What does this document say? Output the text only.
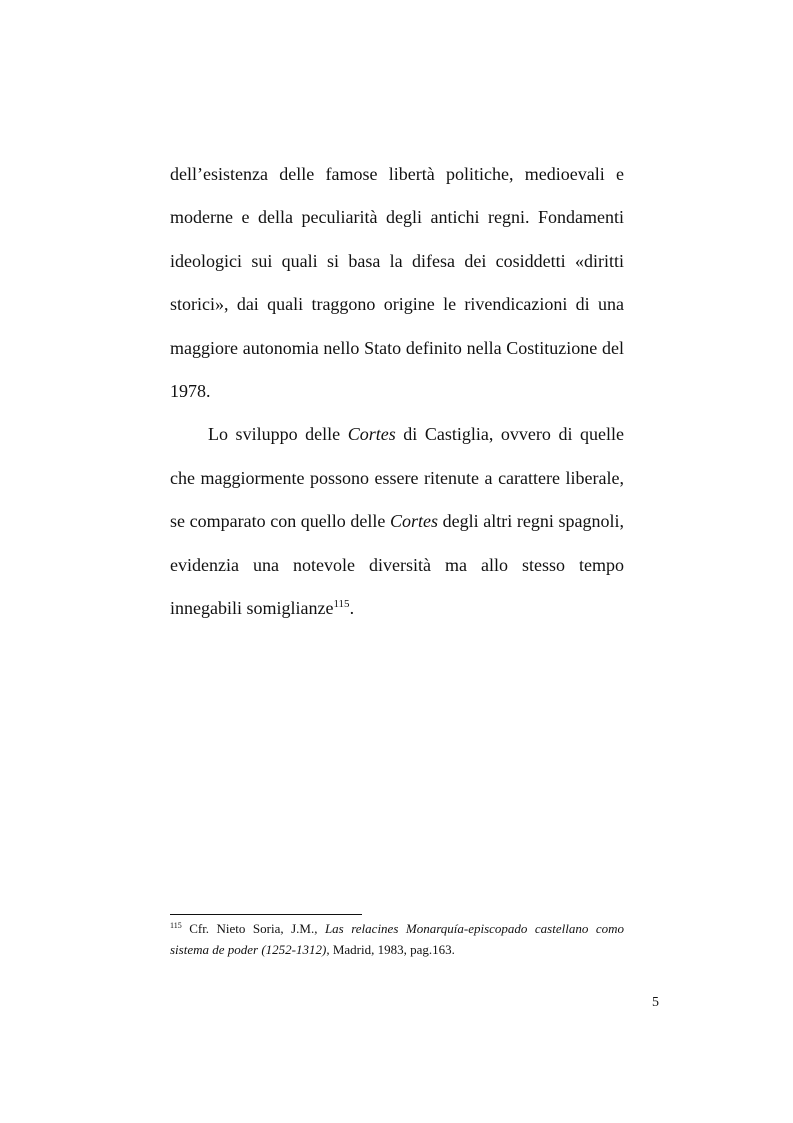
dell’esistenza delle famose libertà politiche, medioevali e moderne e della peculiarità degli antichi regni. Fondamenti ideologici sui quali si basa la difesa dei cosiddetti «diritti storici», dai quali traggono origine le rivendicazioni di una maggiore autonomia nello Stato definito nella Costituzione del 1978.

Lo sviluppo delle Cortes di Castiglia, ovvero di quelle che maggiormente possono essere ritenute a carattere liberale, se comparato con quello delle Cortes degli altri regni spagnoli, evidenzia una notevole diversità ma allo stesso tempo innegabili somiglianze$^{115}$.

$^{115}$ Cfr. Nieto Soria, J.M., Las relacines Monarquía-episcopado castellano como sistema de poder (1252-1312), Madrid, 1983, pag.163.

5
